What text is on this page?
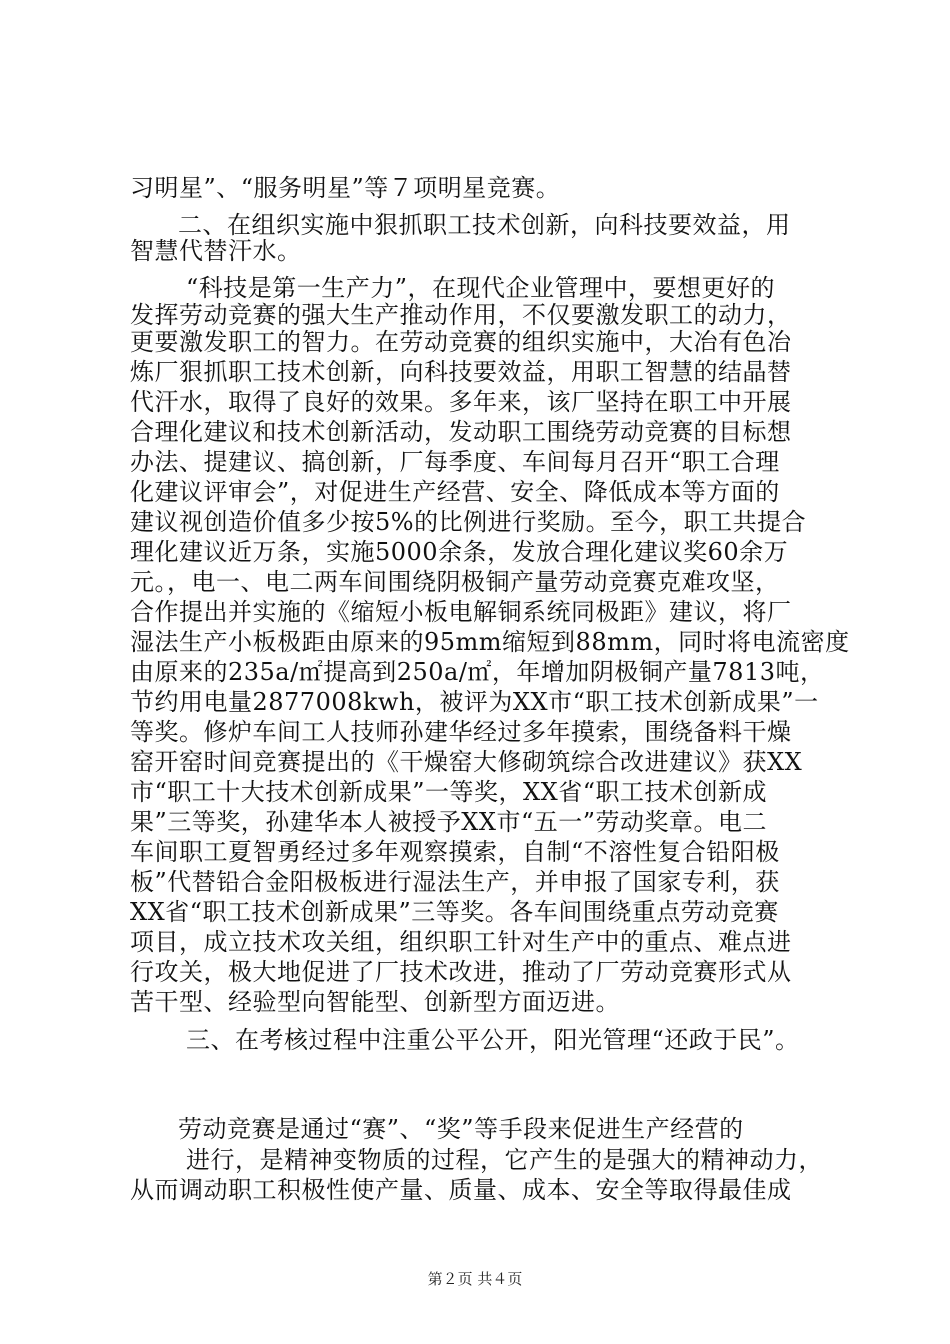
习明星”、“服务明星”等７项明星竞赛。
二、在组织实施中狠抓职工技术创新，向科技要效益，用
智慧代替汗水。
“科技是第一生产力”，在现代企业管理中，要想更好的
发挥劳动竞赛的强大生产推动作用，不仅要激发职工的动力，
更要激发职工的智力。在劳动竞赛的组织实施中，大冶有色冶
炼厂狠抓职工技术创新，向科技要效益，用职工智慧的结晶替
代汗水，取得了良好的效果。多年来，该厂坚持在职工中开展
合理化建议和技术创新活动，发动职工围绕劳动竞赛的目标想
办法、提建议、搞创新，厂每季度、车间每月召开“职工合理
化建议评审会”，对促进生产经营、安全、降低成本等方面的
建议视创造价值多少按5%的比例进行奖励。至今，职工共提合
理化建议近万条，实施5000余条，发放合理化建议奖60余万
元。，电一、电二两车间围绕阴极铜产量劳动竞赛克难攻坚，
合作提出并实施的《缩短小板电解铜系统同极距》建议，将厂
湿法生产小板极距由原来的95mm缩短到88mm，同时将电流密度
由原来的235a/㎡提高到250a/㎡，年增加阴极铜产量7813吨，
节约用电量2877008kwh，被评为XX市“职工技术创新成果”一
等奖。修炉车间工人技师孙建华经过多年摸索，围绕备料干燥
窑开窑时间竞赛提出的《干燥窑大修砌筑综合改进建议》获XX
市“职工十大技术创新成果”一等奖，XX省“职工技术创新成
果”三等奖，孙建华本人被授予XX市“五一”劳动奖章。电二
车间职工夏智勇经过多年观察摸索，自制“不溶性复合铅阳极
板”代替铅合金阳极板进行湿法生产，并申报了国家专利，获
XX省“职工技术创新成果”三等奖。各车间围绕重点劳动竞赛
项目，成立技术攻关组，组织职工针对生产中的重点、难点进
行攻关，极大地促进了厂技术改进，推动了厂劳动竞赛形式从
苦干型、经验型向智能型、创新型方面迈进。
三、在考核过程中注重公平公开，阳光管理“还政于民”。
劳动竞赛是通过“赛”、“奖”等手段来促进生产经营的
进行，是精神变物质的过程，它产生的是强大的精神动力，
从而调动职工积极性使产量、质量、成本、安全等取得最佳成
第２页 共４页
